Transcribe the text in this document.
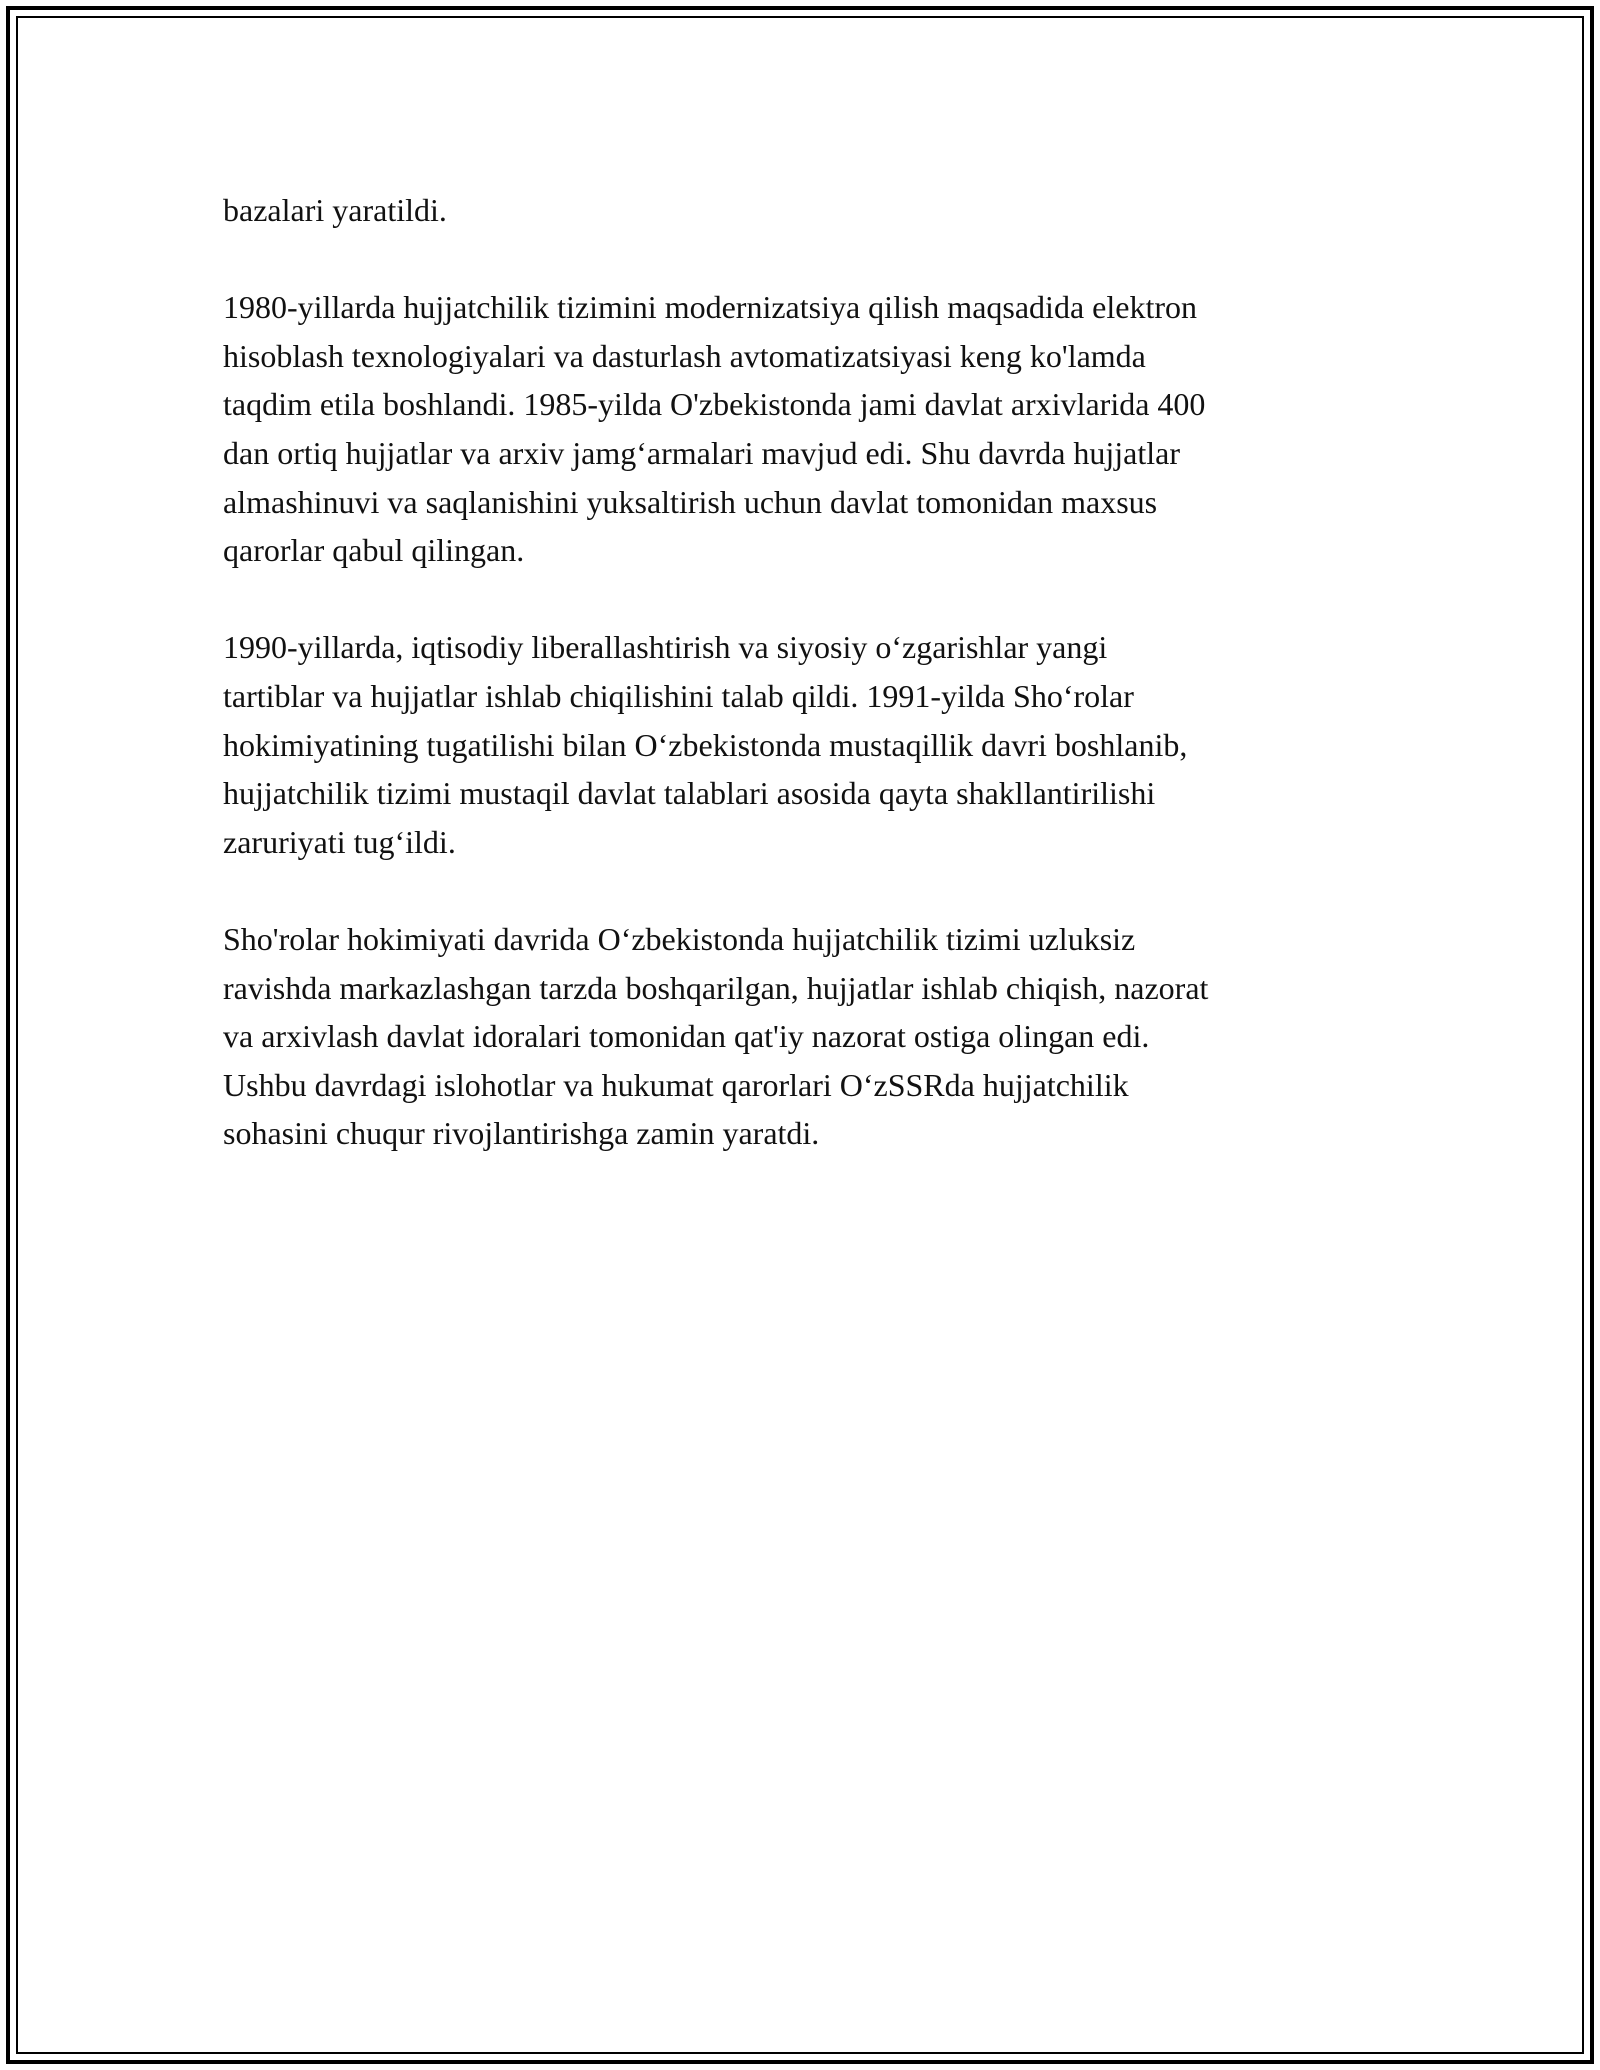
bazalari yaratildi.

1980-yillarda hujjatchilik tizimini modernizatsiya qilish maqsadida elektron
hisoblash texnologiyalari va dasturlash avtomatizatsiyasi keng ko'lamda
taqdim etila boshlandi. 1985-yilda O'zbekistonda jami davlat arxivlarida 400
dan ortiq hujjatlar va arxiv jamg‘armalari mavjud edi. Shu davrda hujjatlar
almashinuvi va saqlanishini yuksaltirish uchun davlat tomonidan maxsus
qarorlar qabul qilingan.

1990-yillarda, iqtisodiy liberallashtirish va siyosiy o‘zgarishlar yangi
tartiblar va hujjatlar ishlab chiqilishini talab qildi. 1991-yilda Sho‘rolar
hokimiyatining tugatilishi bilan O‘zbekistonda mustaqillik davri boshlanib,
hujjatchilik tizimi mustaqil davlat talablari asosida qayta shakllantirilishi
zaruriyati tug‘ildi.

Sho'rolar hokimiyati davrida O‘zbekistonda hujjatchilik tizimi uzluksiz
ravishda markazlashgan tarzda boshqarilgan, hujjatlar ishlab chiqish, nazorat
va arxivlash davlat idoralari tomonidan qat'iy nazorat ostiga olingan edi.
Ushbu davrdagi islohotlar va hukumat qarorlari O‘zSSRda hujjatchilik
sohasini chuqur rivojlantirishga zamin yaratdi.
